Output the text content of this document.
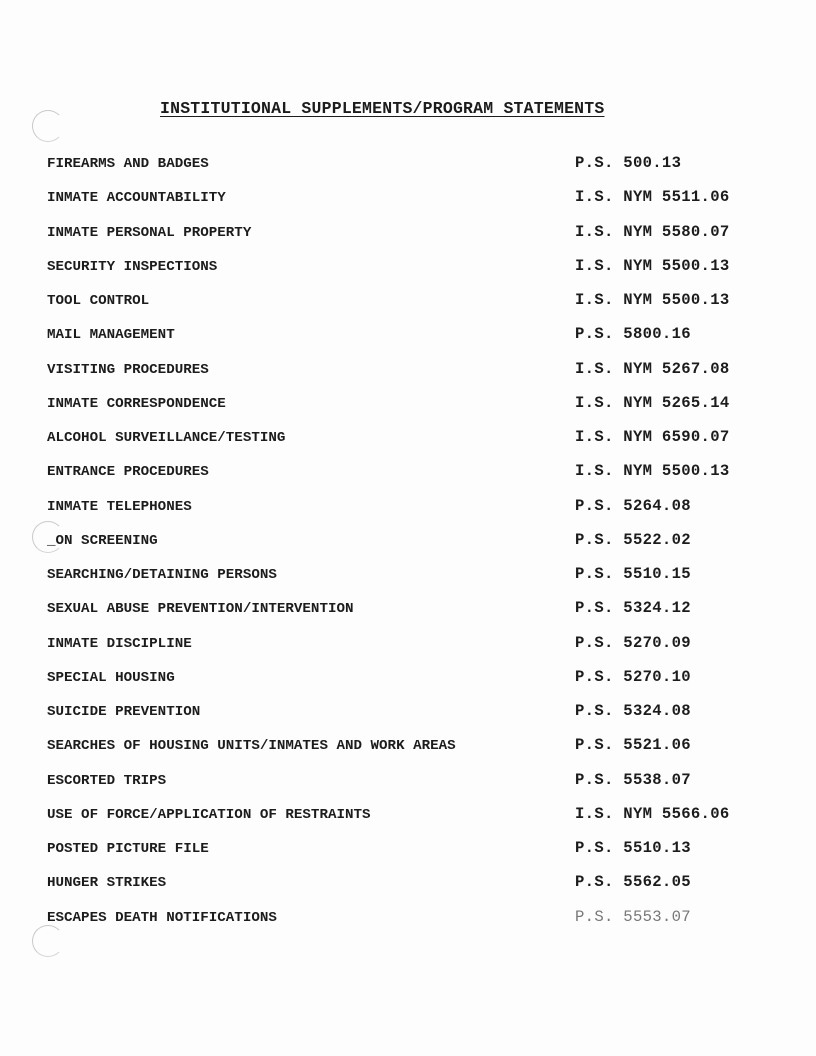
INSTITUTIONAL SUPPLEMENTS/PROGRAM STATEMENTS
FIREARMS AND BADGES	P.S. 500.13
INMATE ACCOUNTABILITY	I.S. NYM 5511.06
INMATE PERSONAL PROPERTY	I.S. NYM 5580.07
SECURITY INSPECTIONS	I.S. NYM 5500.13
TOOL CONTROL	I.S. NYM 5500.13
MAIL MANAGEMENT	P.S. 5800.16
VISITING PROCEDURES	I.S. NYM 5267.08
INMATE CORRESPONDENCE	I.S. NYM 5265.14
ALCOHOL SURVEILLANCE/TESTING	I.S. NYM 6590.07
ENTRANCE PROCEDURES	I.S. NYM 5500.13
INMATE TELEPHONES	P.S. 5264.08
_ON SCREENING	P.S. 5522.02
SEARCHING/DETAINING PERSONS	P.S. 5510.15
SEXUAL ABUSE PREVENTION/INTERVENTION	P.S. 5324.12
INMATE DISCIPLINE	P.S. 5270.09
SPECIAL HOUSING	P.S. 5270.10
SUICIDE PREVENTION	P.S. 5324.08
SEARCHES OF HOUSING UNITS/INMATES AND WORK AREAS	P.S. 5521.06
ESCORTED TRIPS	P.S. 5538.07
USE OF FORCE/APPLICATION OF RESTRAINTS	I.S. NYM 5566.06
POSTED PICTURE FILE	P.S. 5510.13
HUNGER STRIKES	P.S. 5562.05
ESCAPES DEATH NOTIFICATIONS	P.S. 5553.07
